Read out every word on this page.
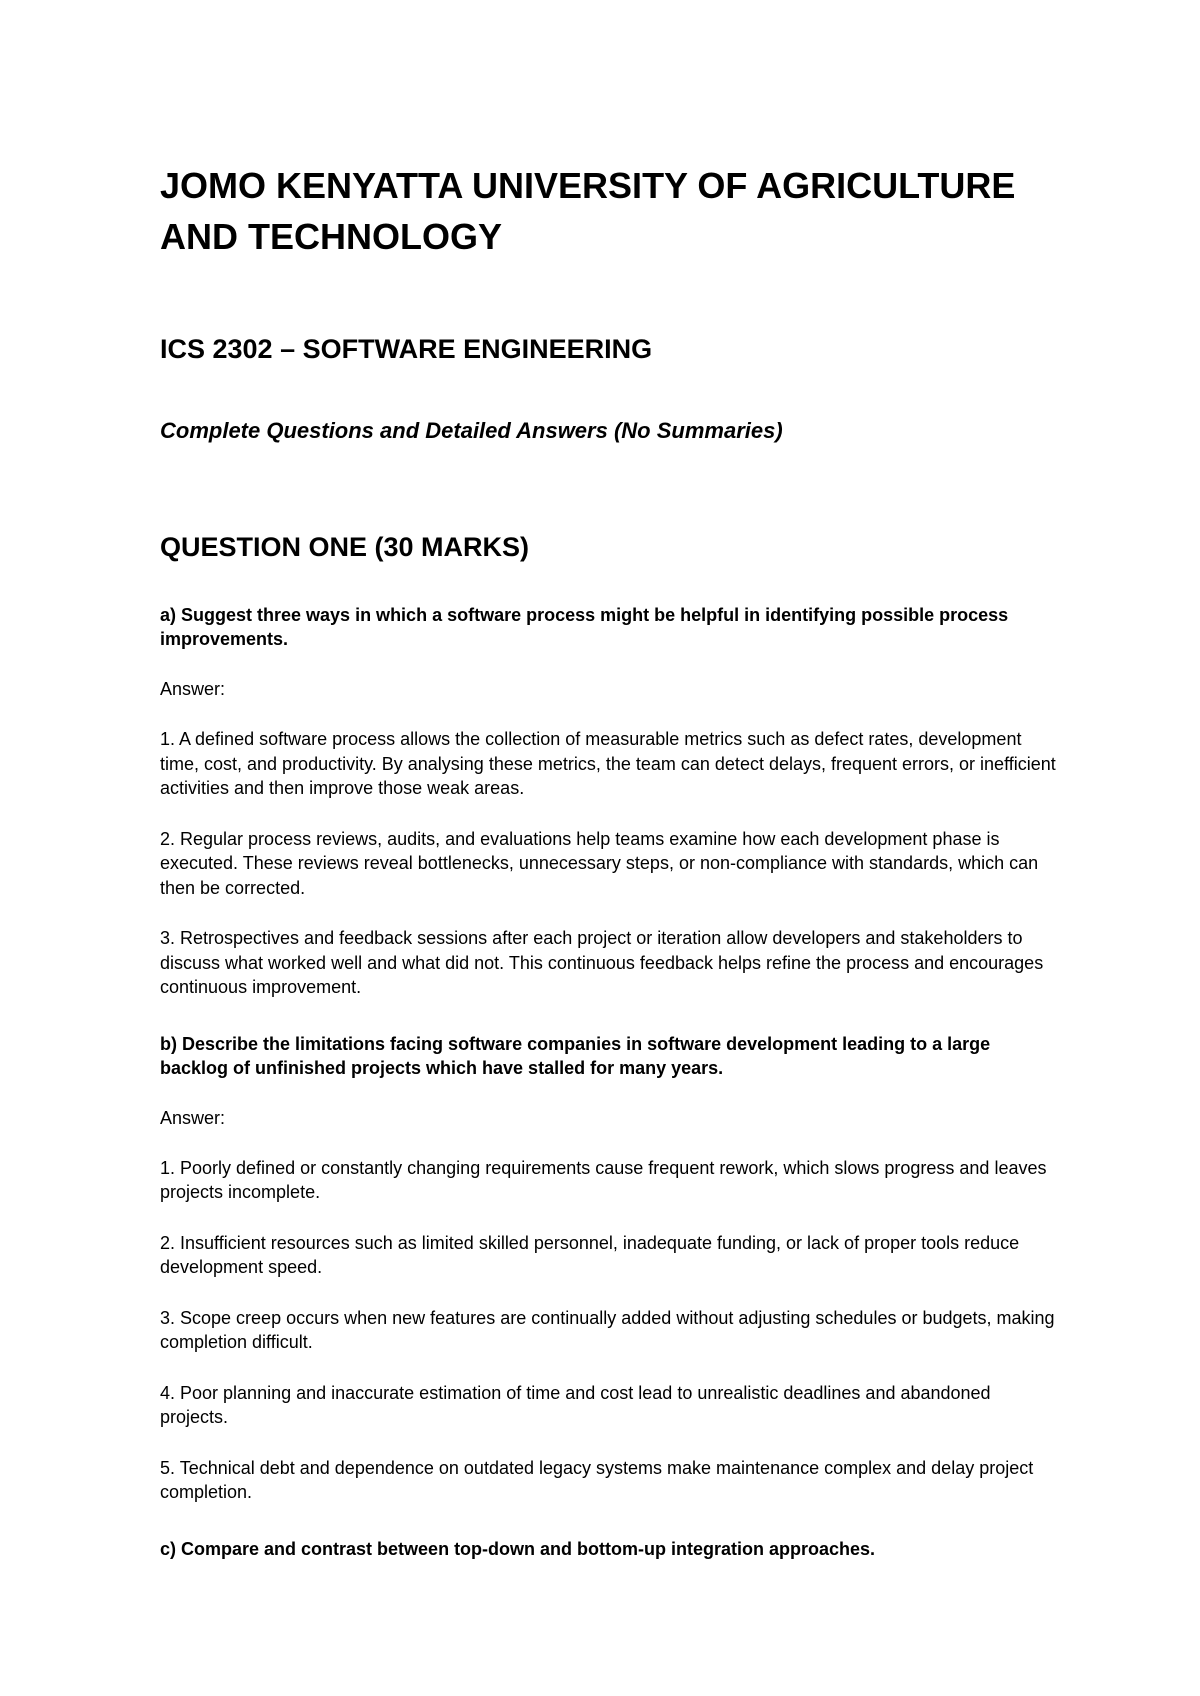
JOMO KENYATTA UNIVERSITY OF AGRICULTURE AND TECHNOLOGY
ICS 2302 – SOFTWARE ENGINEERING

Complete Questions and Detailed Answers (No Summaries)

QUESTION ONE (30 MARKS)

a) Suggest three ways in which a software process might be helpful in identifying possible process improvements.

Answer:

1. A defined software process allows the collection of measurable metrics such as defect rates, development time, cost, and productivity. By analysing these metrics, the team can detect delays, frequent errors, or inefficient activities and then improve those weak areas.

2. Regular process reviews, audits, and evaluations help teams examine how each development phase is executed. These reviews reveal bottlenecks, unnecessary steps, or non-compliance with standards, which can then be corrected.

3. Retrospectives and feedback sessions after each project or iteration allow developers and stakeholders to discuss what worked well and what did not. This continuous feedback helps refine the process and encourages continuous improvement.

b) Describe the limitations facing software companies in software development leading to a large backlog of unfinished projects which have stalled for many years.

Answer:

1. Poorly defined or constantly changing requirements cause frequent rework, which slows progress and leaves projects incomplete.

2. Insufficient resources such as limited skilled personnel, inadequate funding, or lack of proper tools reduce development speed.

3. Scope creep occurs when new features are continually added without adjusting schedules or budgets, making completion difficult.

4. Poor planning and inaccurate estimation of time and cost lead to unrealistic deadlines and abandoned projects.

5. Technical debt and dependence on outdated legacy systems make maintenance complex and delay project completion.

c) Compare and contrast between top-down and bottom-up integration approaches.
